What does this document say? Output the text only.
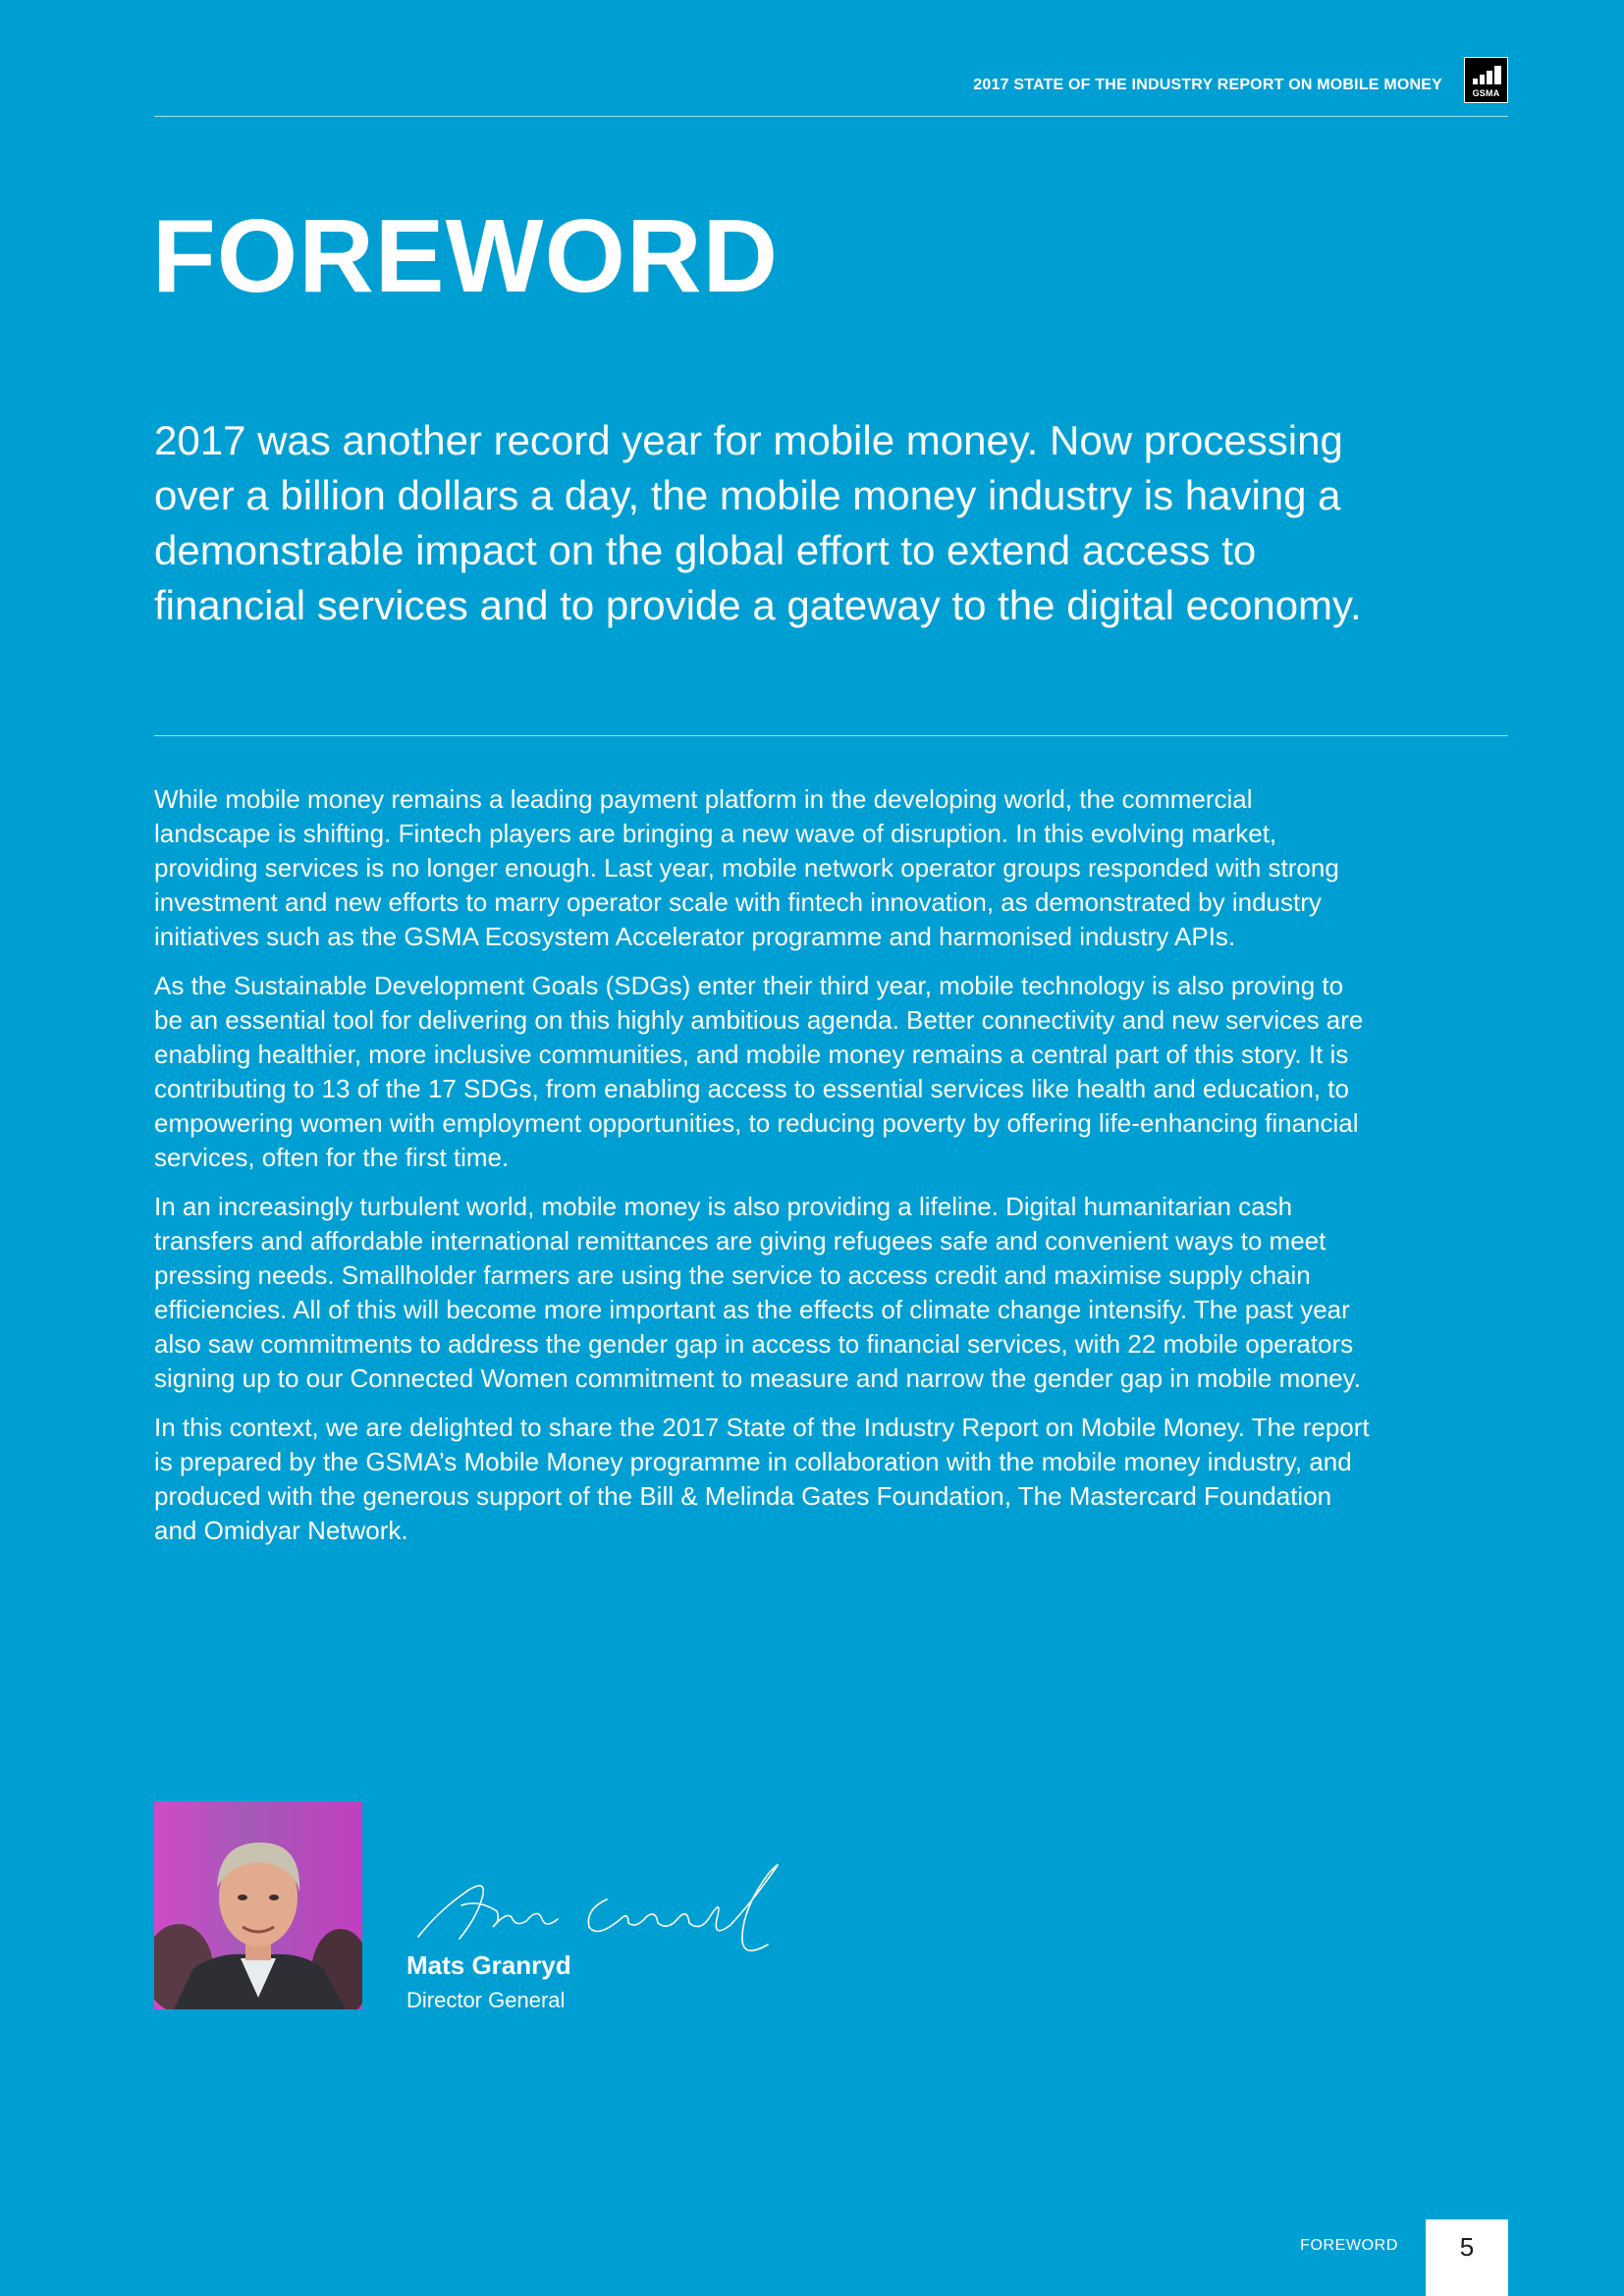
2017 STATE OF THE INDUSTRY REPORT ON MOBILE MONEY	GSMA
FOREWORD

2017 was another record year for mobile money. Now processing over a billion dollars a day, the mobile money industry is having a demonstrable impact on the global effort to extend access to financial services and to provide a gateway to the digital economy.

While mobile money remains a leading payment platform in the developing world, the commercial landscape is shifting. Fintech players are bringing a new wave of disruption. In this evolving market, providing services is no longer enough. Last year, mobile network operator groups responded with strong investment and new efforts to marry operator scale with fintech innovation, as demonstrated by industry initiatives such as the GSMA Ecosystem Accelerator programme and harmonised industry APIs.

As the Sustainable Development Goals (SDGs) enter their third year, mobile technology is also proving to be an essential tool for delivering on this highly ambitious agenda. Better connectivity and new services are enabling healthier, more inclusive communities, and mobile money remains a central part of this story. It is contributing to 13 of the 17 SDGs, from enabling access to essential services like health and education, to empowering women with employment opportunities, to reducing poverty by offering life-enhancing financial services, often for the first time.

In an increasingly turbulent world, mobile money is also providing a lifeline. Digital humanitarian cash transfers and affordable international remittances are giving refugees safe and convenient ways to meet pressing needs. Smallholder farmers are using the service to access credit and maximise supply chain efficiencies. All of this will become more important as the effects of climate change intensify. The past year also saw commitments to address the gender gap in access to financial services, with 22 mobile operators signing up to our Connected Women commitment to measure and narrow the gender gap in mobile money.

In this context, we are delighted to share the 2017 State of the Industry Report on Mobile Money. The report is prepared by the GSMA’s Mobile Money programme in collaboration with the mobile money industry, and produced with the generous support of the Bill & Melinda Gates Foundation, The Mastercard Foundation and Omidyar Network.

Mats Granryd
Director General
FOREWORD	5
